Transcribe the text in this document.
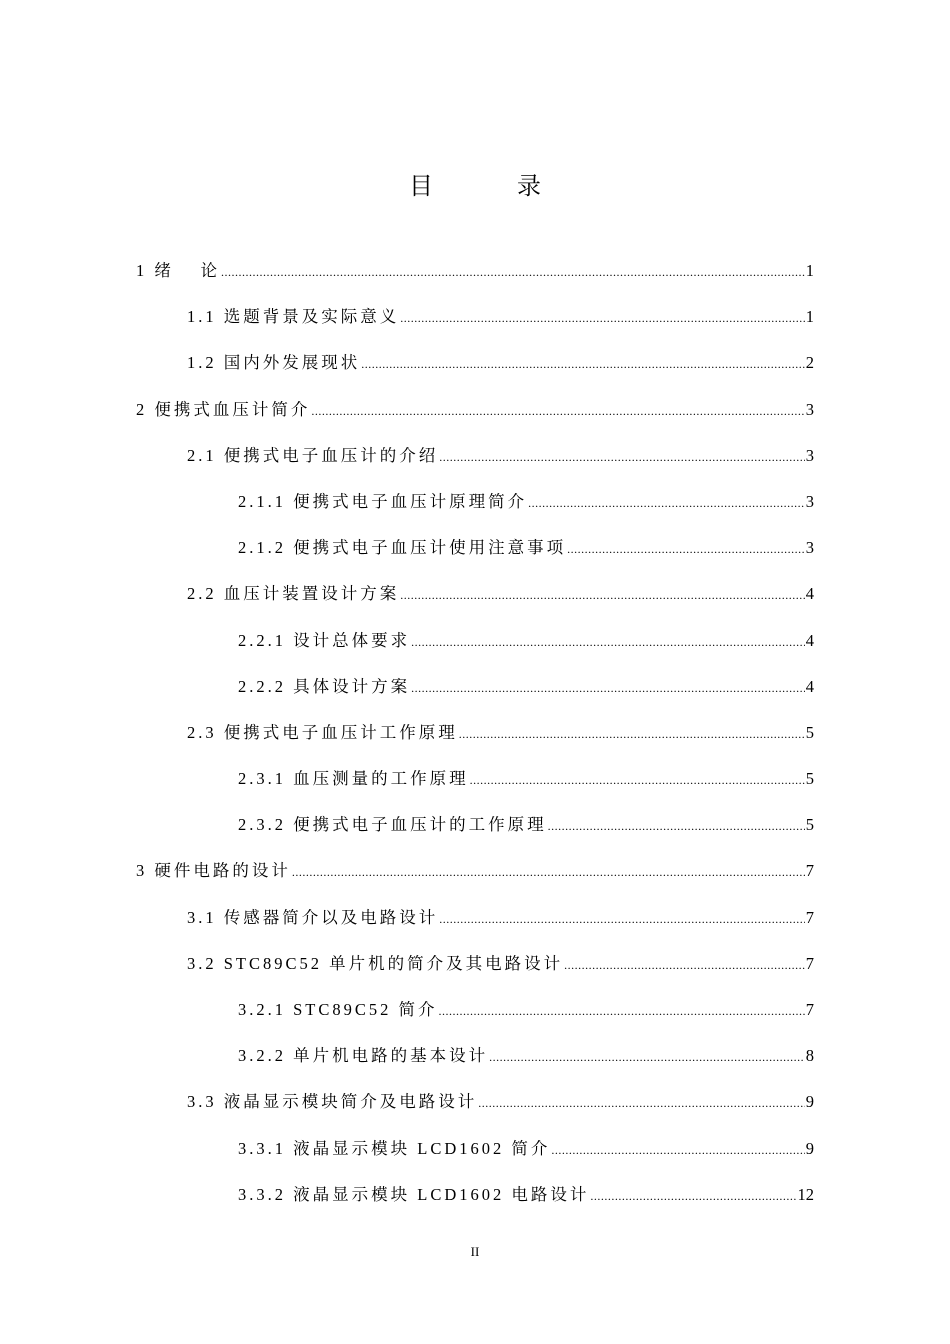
目　录
1 绪　 论 .....	1
1.1 选题背景及实际意义 .....	1
1.2 国内外发展现状 .....	2
2 便携式血压计简介 .....	3
2.1 便携式电子血压计的介绍 .....	3
2.1.1 便携式电子血压计原理简介 .....	3
2.1.2 便携式电子血压计使用注意事项 .....	3
2.2 血压计装置设计方案 .....	4
2.2.1 设计总体要求 .....	4
2.2.2 具体设计方案 .....	4
2.3 便携式电子血压计工作原理 .....	5
2.3.1 血压测量的工作原理 .....	5
2.3.2 便携式电子血压计的工作原理 .....	5
3 硬件电路的设计 .....	7
3.1 传感器简介以及电路设计 .....	7
3.2 STC89C52 单片机的简介及其电路设计 .....	7
3.2.1 STC89C52 简介 .....	7
3.2.2 单片机电路的基本设计 .....	8
3.3 液晶显示模块简介及电路设计 .....	9
3.3.1 液晶显示模块 LCD1602 简介 .....	9
3.3.2 液晶显示模块 LCD1602 电路设计 .....	12
II
